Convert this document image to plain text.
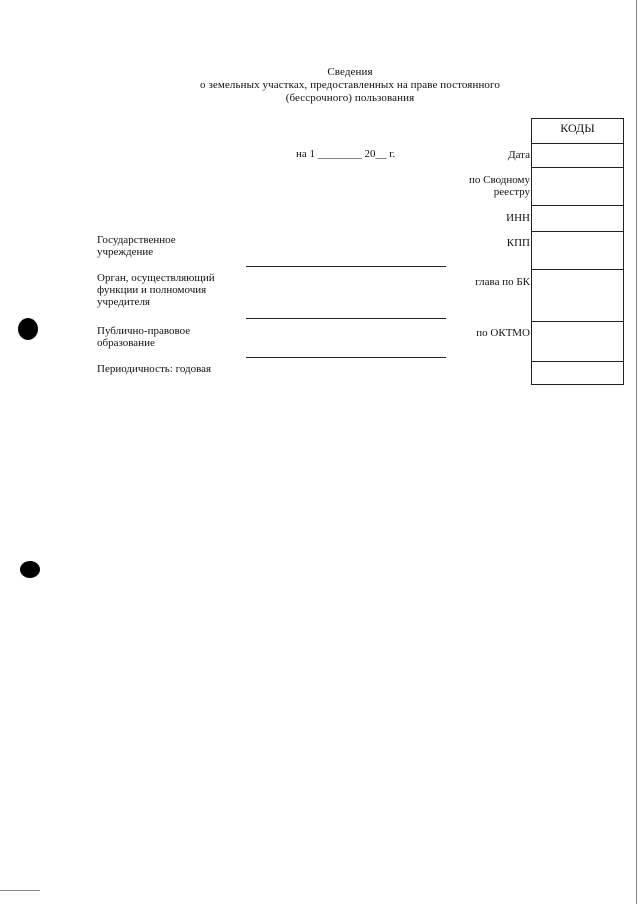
Сведения
о земельных участках, предоставленных на праве постоянного
(бессрочного) пользования
на 1 ________ 20__ г.
Государственное
учреждение
Орган, осуществляющий
функции и полномочия
учредителя
Публично-правовое
образование
Периодичность: годовая
Дата
по Сводному
реестру
ИНН
КПП
глава по БК
по ОКТМО
КОДЫ
